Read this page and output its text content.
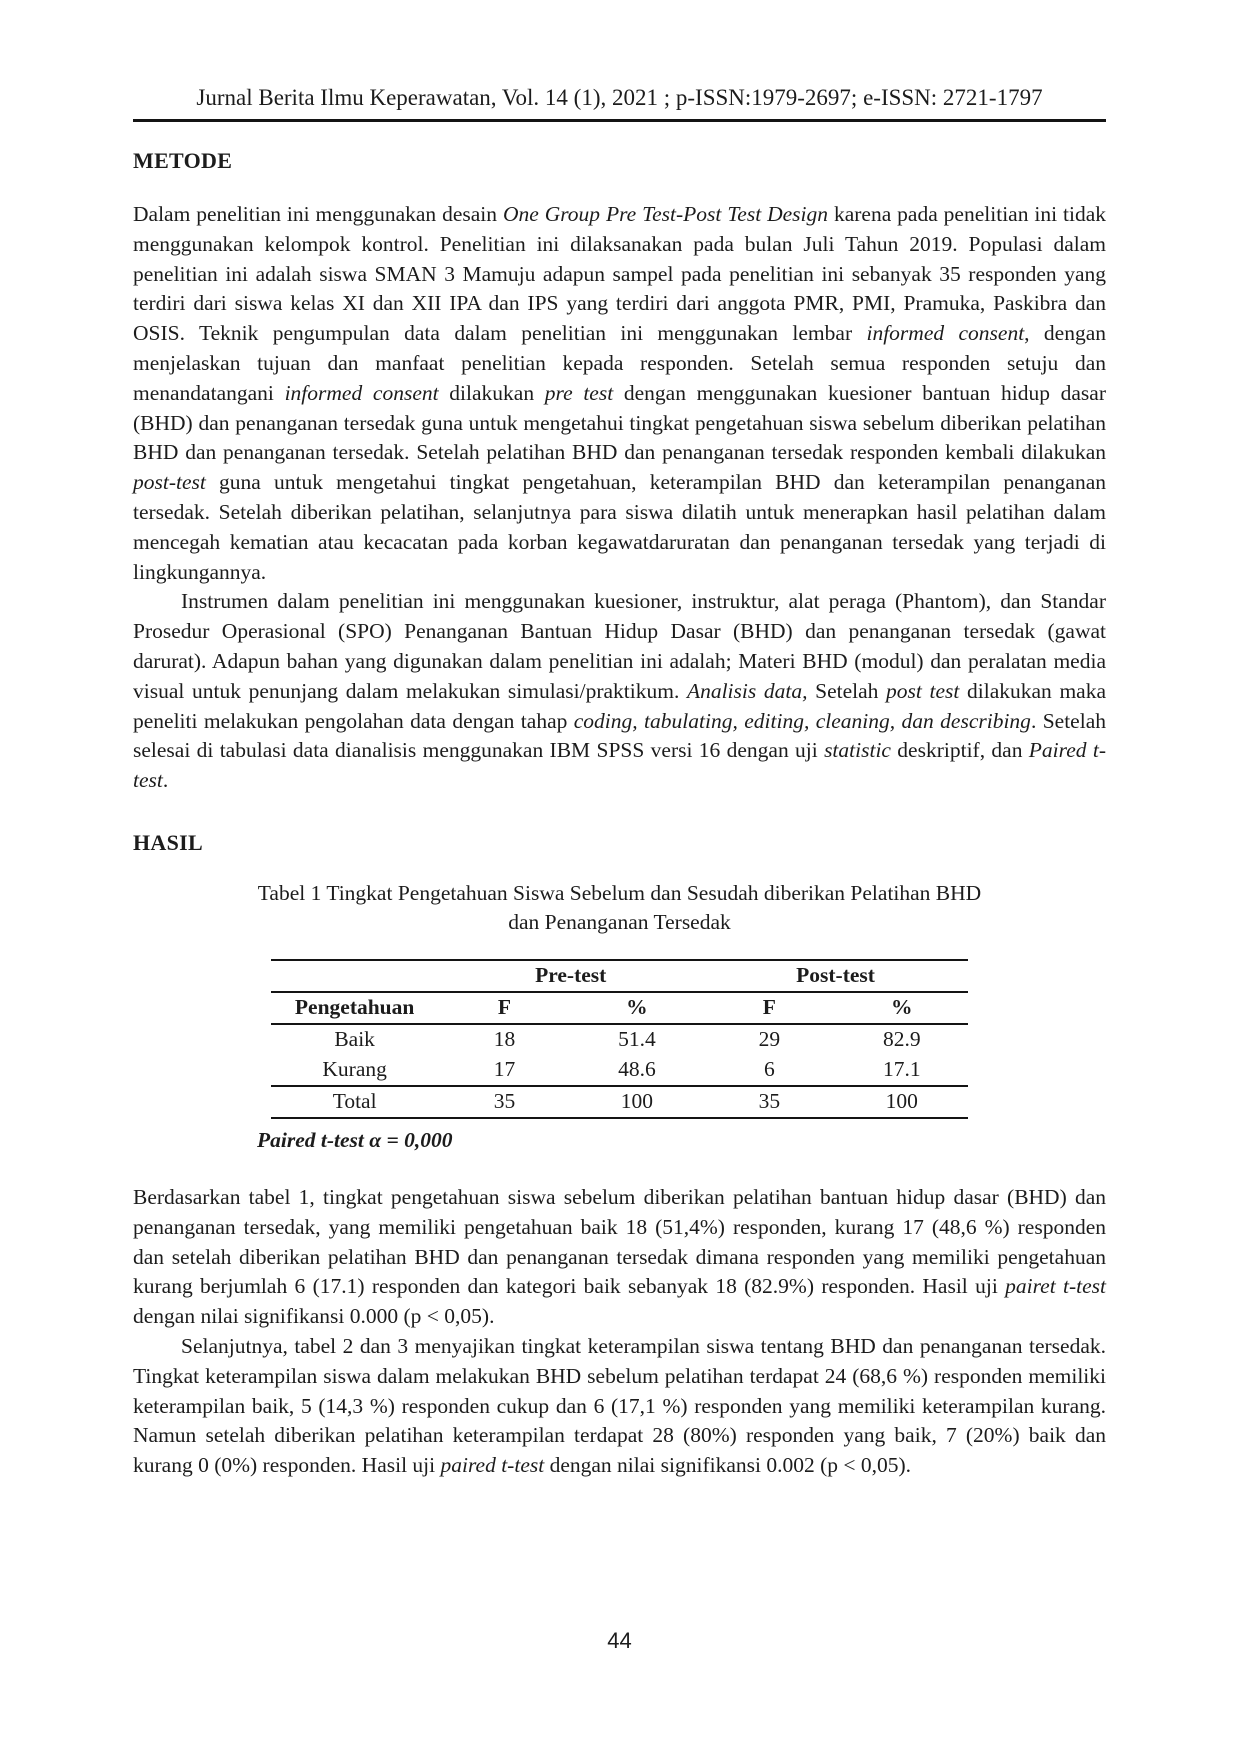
Jurnal Berita Ilmu Keperawatan, Vol. 14 (1), 2021 ; p-ISSN:1979-2697; e-ISSN: 2721-1797
METODE

Dalam penelitian ini menggunakan desain One Group Pre Test-Post Test Design karena pada penelitian ini tidak menggunakan kelompok kontrol. Penelitian ini dilaksanakan pada bulan Juli Tahun 2019. Populasi dalam penelitian ini adalah siswa SMAN 3 Mamuju adapun sampel pada penelitian ini sebanyak 35 responden yang terdiri dari siswa kelas XI dan XII IPA dan IPS yang terdiri dari anggota PMR, PMI, Pramuka, Paskibra dan OSIS. Teknik pengumpulan data dalam penelitian ini menggunakan lembar informed consent, dengan menjelaskan tujuan dan manfaat penelitian kepada responden. Setelah semua responden setuju dan menandatangani informed consent dilakukan pre test dengan menggunakan kuesioner bantuan hidup dasar (BHD) dan penanganan tersedak guna untuk mengetahui tingkat pengetahuan siswa sebelum diberikan pelatihan BHD dan penanganan tersedak. Setelah pelatihan BHD dan penanganan tersedak responden kembali dilakukan post-test guna untuk mengetahui tingkat pengetahuan, keterampilan BHD dan keterampilan penanganan tersedak. Setelah diberikan pelatihan, selanjutnya para siswa dilatih untuk menerapkan hasil pelatihan dalam mencegah kematian atau kecacatan pada korban kegawatdaruratan dan penanganan tersedak yang terjadi di lingkungannya.

Instrumen dalam penelitian ini menggunakan kuesioner, instruktur, alat peraga (Phantom), dan Standar Prosedur Operasional (SPO) Penanganan Bantuan Hidup Dasar (BHD) dan penanganan tersedak (gawat darurat). Adapun bahan yang digunakan dalam penelitian ini adalah; Materi BHD (modul) dan peralatan media visual untuk penunjang dalam melakukan simulasi/praktikum. Analisis data, Setelah post test dilakukan maka peneliti melakukan pengolahan data dengan tahap coding, tabulating, editing, cleaning, dan describing. Setelah selesai di tabulasi data dianalisis menggunakan IBM SPSS versi 16 dengan uji statistic deskriptif, dan Paired t-test.

HASIL
Tabel 1 Tingkat Pengetahuan Siswa Sebelum dan Sesudah diberikan Pelatihan BHD
dan Penanganan Tersedak
	Pre-test		Post-test	
Pengetahuan	F	%	F	%
Baik	18	51.4	29	82.9
Kurang	17	48.6	6	17.1
Total	35	100	35	100
Paired t-test α = 0,000

Berdasarkan tabel 1, tingkat pengetahuan siswa sebelum diberikan pelatihan bantuan hidup dasar (BHD) dan penanganan tersedak, yang memiliki pengetahuan baik 18 (51,4%) responden, kurang 17 (48,6 %) responden dan setelah diberikan pelatihan BHD dan penanganan tersedak dimana responden yang memiliki pengetahuan kurang berjumlah 6 (17.1) responden dan kategori baik sebanyak 18 (82.9%) responden. Hasil uji pairet t-test dengan nilai signifikansi 0.000 (p < 0,05).

Selanjutnya, tabel 2 dan 3 menyajikan tingkat keterampilan siswa tentang BHD dan penanganan tersedak. Tingkat keterampilan siswa dalam melakukan BHD sebelum pelatihan terdapat 24 (68,6 %) responden memiliki keterampilan baik, 5 (14,3 %) responden cukup dan 6 (17,1 %) responden yang memiliki keterampilan kurang. Namun setelah diberikan pelatihan keterampilan terdapat 28 (80%) responden yang baik, 7 (20%) baik dan kurang 0 (0%) responden. Hasil uji paired t-test dengan nilai signifikansi 0.002 (p < 0,05).

44
